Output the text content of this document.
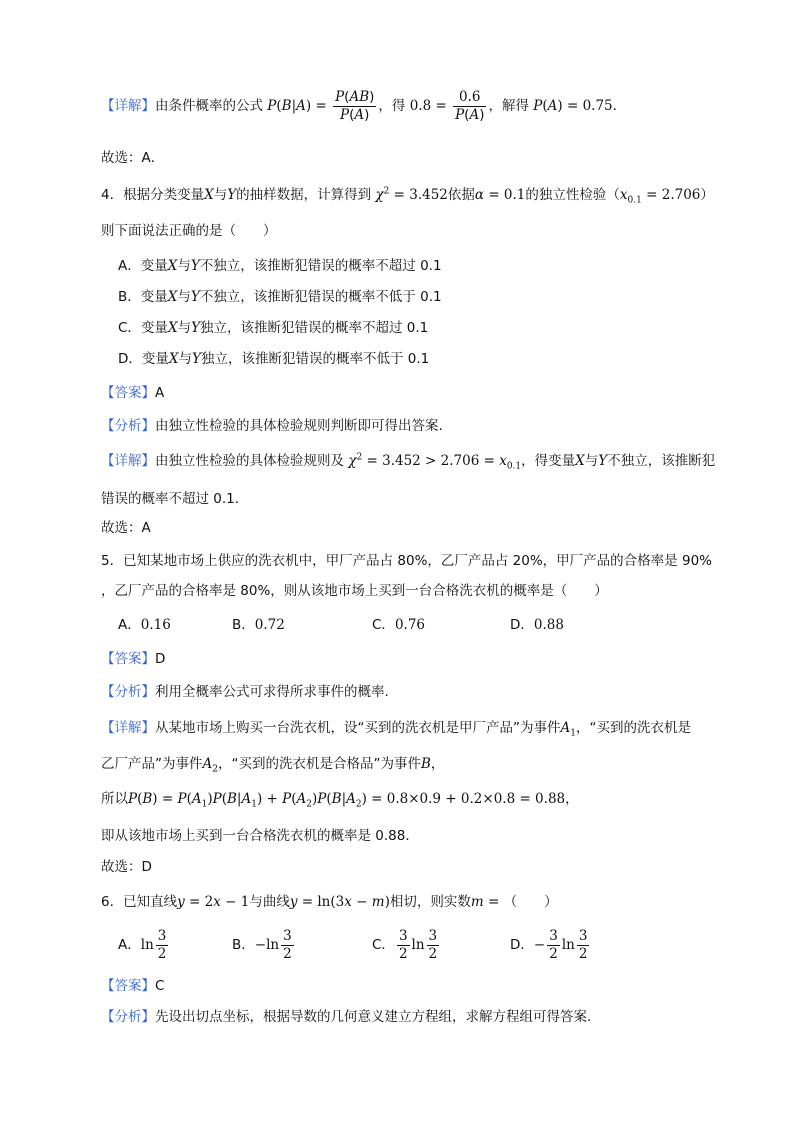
【详解】由条件概率的公式 $P(B|A) = \frac{P(AB)}{P(A)}$ ，得 $0.8 = \frac{0.6}{P(A)}$ ，解得 P(A) = 0.75．
故选：A．
4．根据分类变量X与Y的抽样数据，计算得到 $\chi^2 = 3.452$依据α = 0.1的独立性检验$(x_{0.1} = 2.706)$
则下面说法正确的是（　　）
A．变量X与Y不独立，该推断犯错误的概率不超过 0.1
B．变量X与Y不独立，该推断犯错误的概率不低于 0.1
C．变量X与Y独立，该推断犯错误的概率不超过 0.1
D．变量X与Y独立，该推断犯错误的概率不低于 0.1
【答案】A
【分析】由独立性检验的具体检验规则判断即可得出答案.
【详解】由独立性检验的具体检验规则及 $\chi^2 = 3.452 > 2.706 = x_{0.1}$，得变量X与Y不独立，该推断犯
错误的概率不超过 0.1．
故选：A
5．已知某地市场上供应的洗衣机中，甲厂产品占 80%，乙厂产品占 20%，甲厂产品的合格率是 90%
，乙厂产品的合格率是 80%，则从该地市场上买到一台合格洗衣机的概率是（　　）
A．0.16	B．0.72	C．0.76	D．0.88
【答案】D
【分析】利用全概率公式可求得所求事件的概率.
【详解】从某地市场上购买一台洗衣机，设“买到的洗衣机是甲厂产品”为事件$A_1$，“买到的洗衣机是
乙厂产品”为事件$A_2$，“买到的洗衣机是合格品”为事件B，
所以$P(B) = P(A_1)P(B|A_1) + P(A_2)P(B|A_2) = 0.8\times 0.9 + 0.2\times 0.8 = 0.88$，
即从该地市场上买到一台合格洗衣机的概率是 0.88．
故选：D
6．已知直线y = 2x − 1与曲线y = ln(3x − m)相切，则实数m = （　　）
A．$\ln \frac{3}{2}$	B．$-\ln \frac{3}{2}$	C． $\frac{3}{2}$ $\ln \frac{3}{2}$	D．− $\frac{3}{2}$ $\ln \frac{3}{2}$
【答案】C
【分析】先设出切点坐标，根据导数的几何意义建立方程组，求解方程组可得答案.
